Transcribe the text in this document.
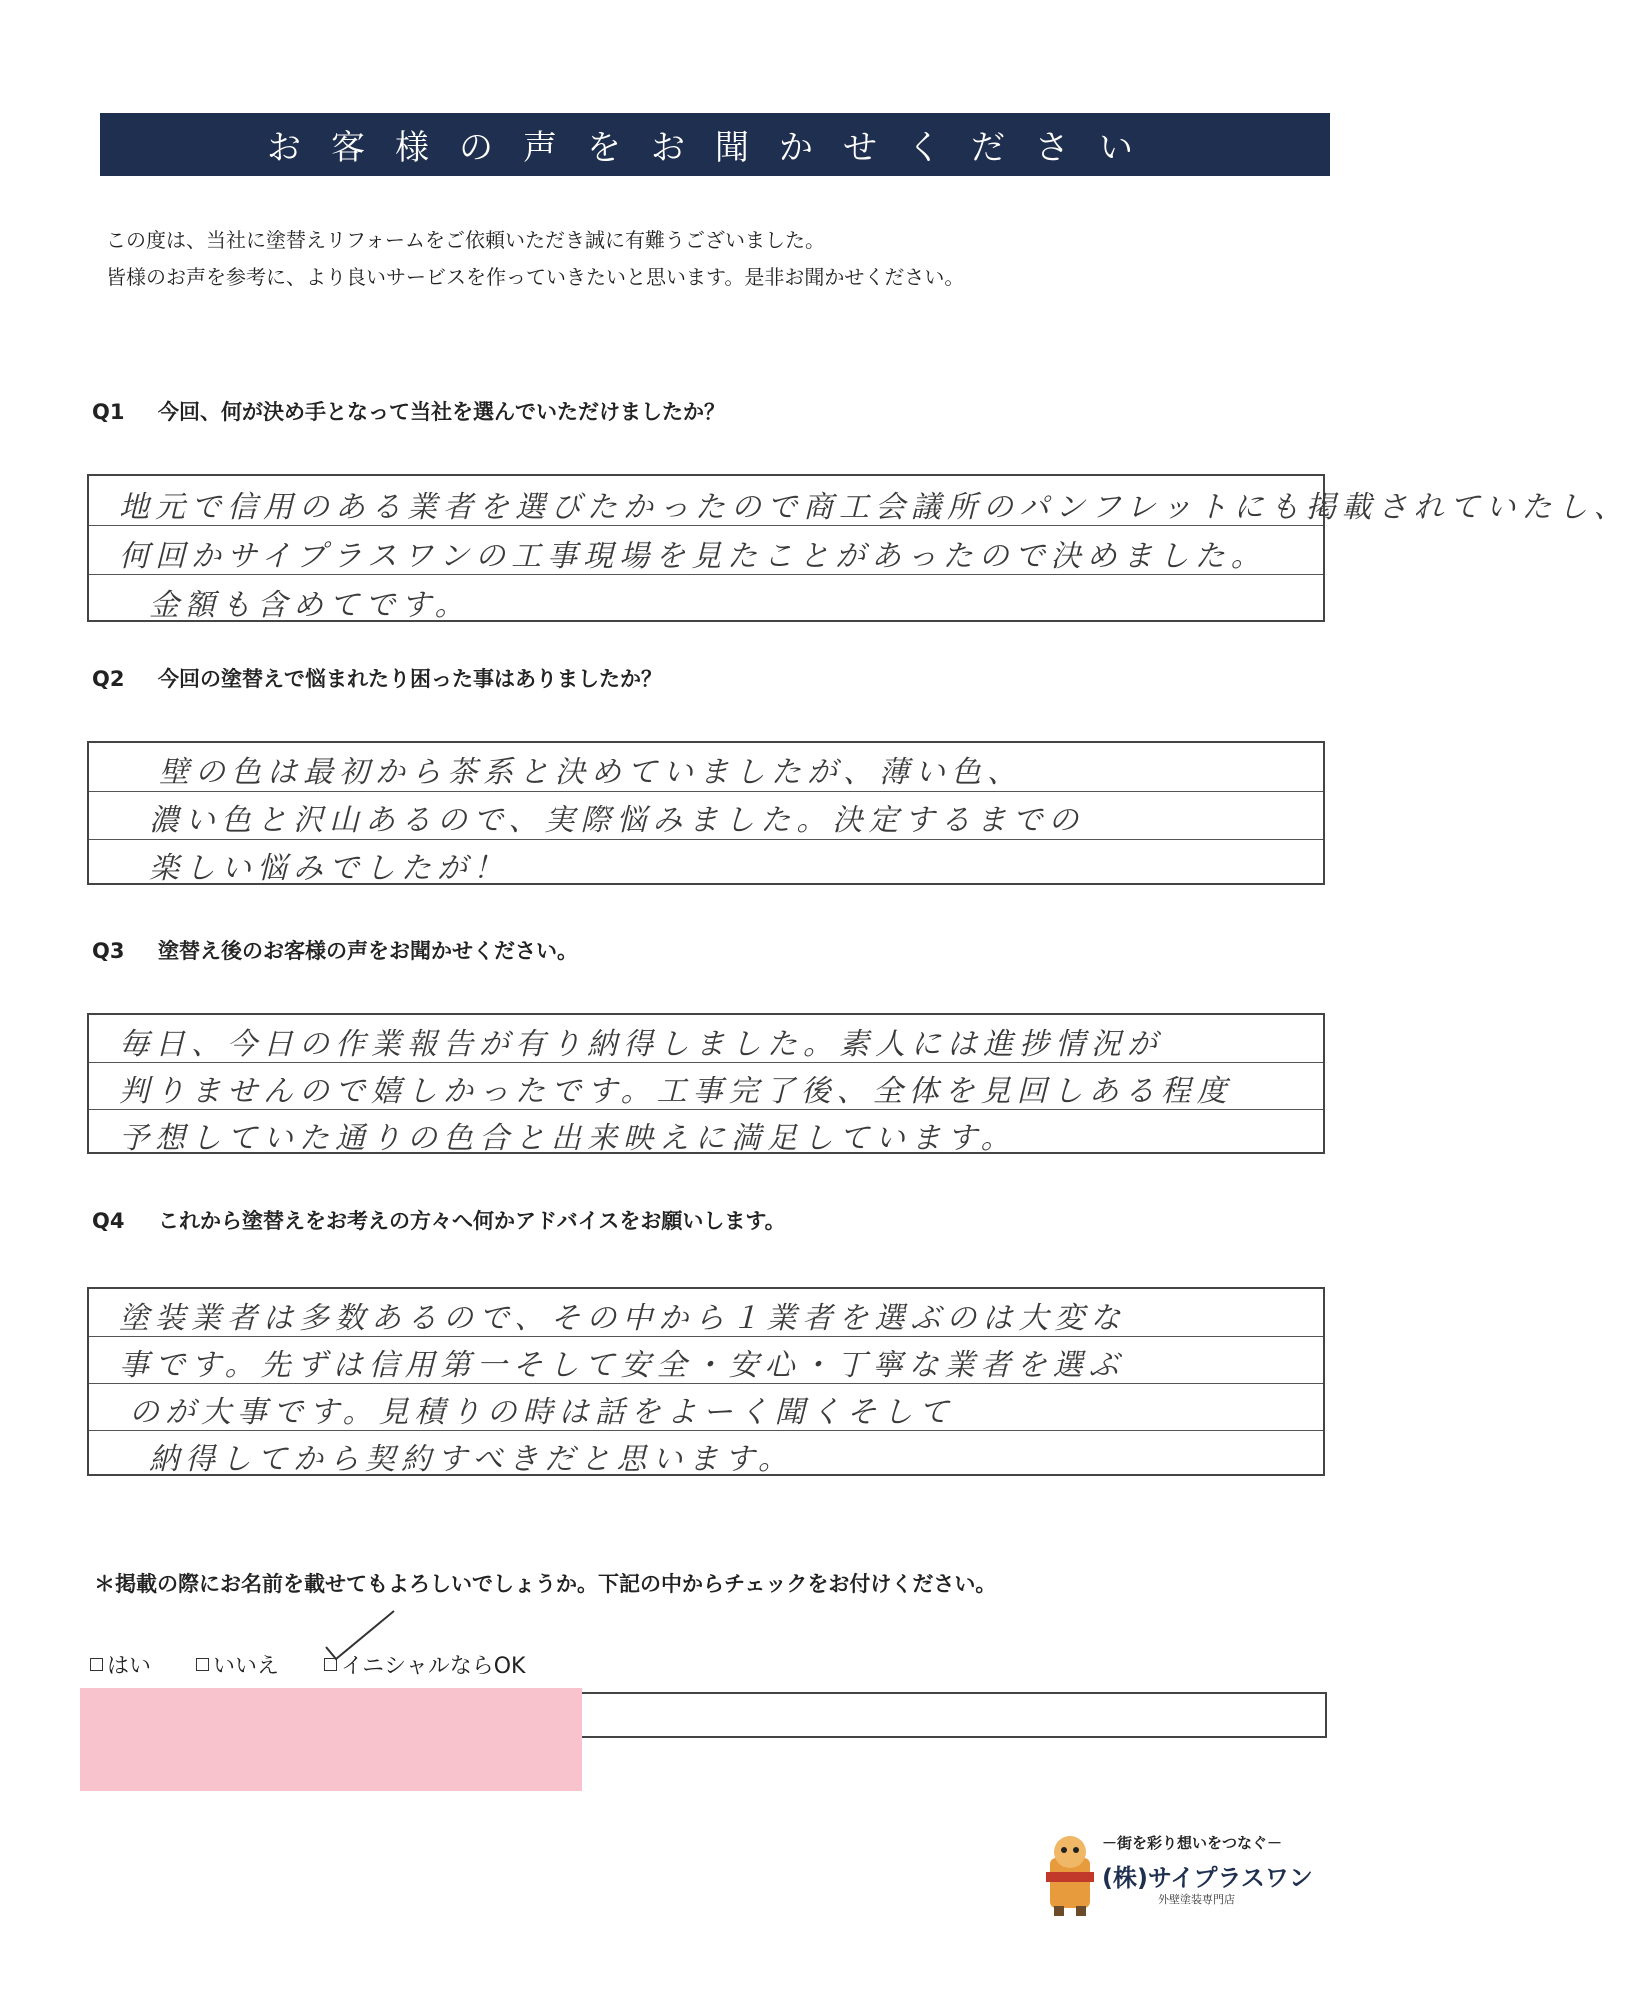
お客様の声をお聞かせください
この度は、当社に塗替えリフォームをご依頼いただき誠に有難うございました。
皆様のお声を参考に、より良いサービスを作っていきたいと思います。是非お聞かせください。
Q1 今回、何が決め手となって当社を選んでいただけましたか？
地元で信用のある業者を選びたかったので商工会議所のパンフレットにも掲載されていたし、
何回かサイプラスワンの工事現場を見たことがあったので決めました。
金額も含めてです。
Q2 今回の塗替えで悩まれたり困った事はありましたか？
壁の色は最初から茶系と決めていましたが、薄い色、
濃い色と沢山あるので、実際悩みました。決定するまでの
楽しい悩みでしたが！
Q3 塗替え後のお客様の声をお聞かせください。
毎日、今日の作業報告が有り納得しました。素人には進捗情況が
判りませんので嬉しかったです。工事完了後、全体を見回しある程度
予想していた通りの色合と出来映えに満足しています。
Q4 これから塗替えをお考えの方々へ何かアドバイスをお願いします。
塗装業者は多数あるので、その中から１業者を選ぶのは大変な
事です。先ずは信用第一そして安全・安心・丁寧な業者を選ぶ
のが大事です。見積りの時は話をよーく聞くそして
納得してから契約すべきだと思います。
＊掲載の際にお名前を載せてもよろしいでしょうか。下記の中からチェックをお付けください。
はい
	いいえ
	イニシャルならOK
－街を彩り想いをつなぐ－
(株)サイプラスワン
外壁塗装専門店
